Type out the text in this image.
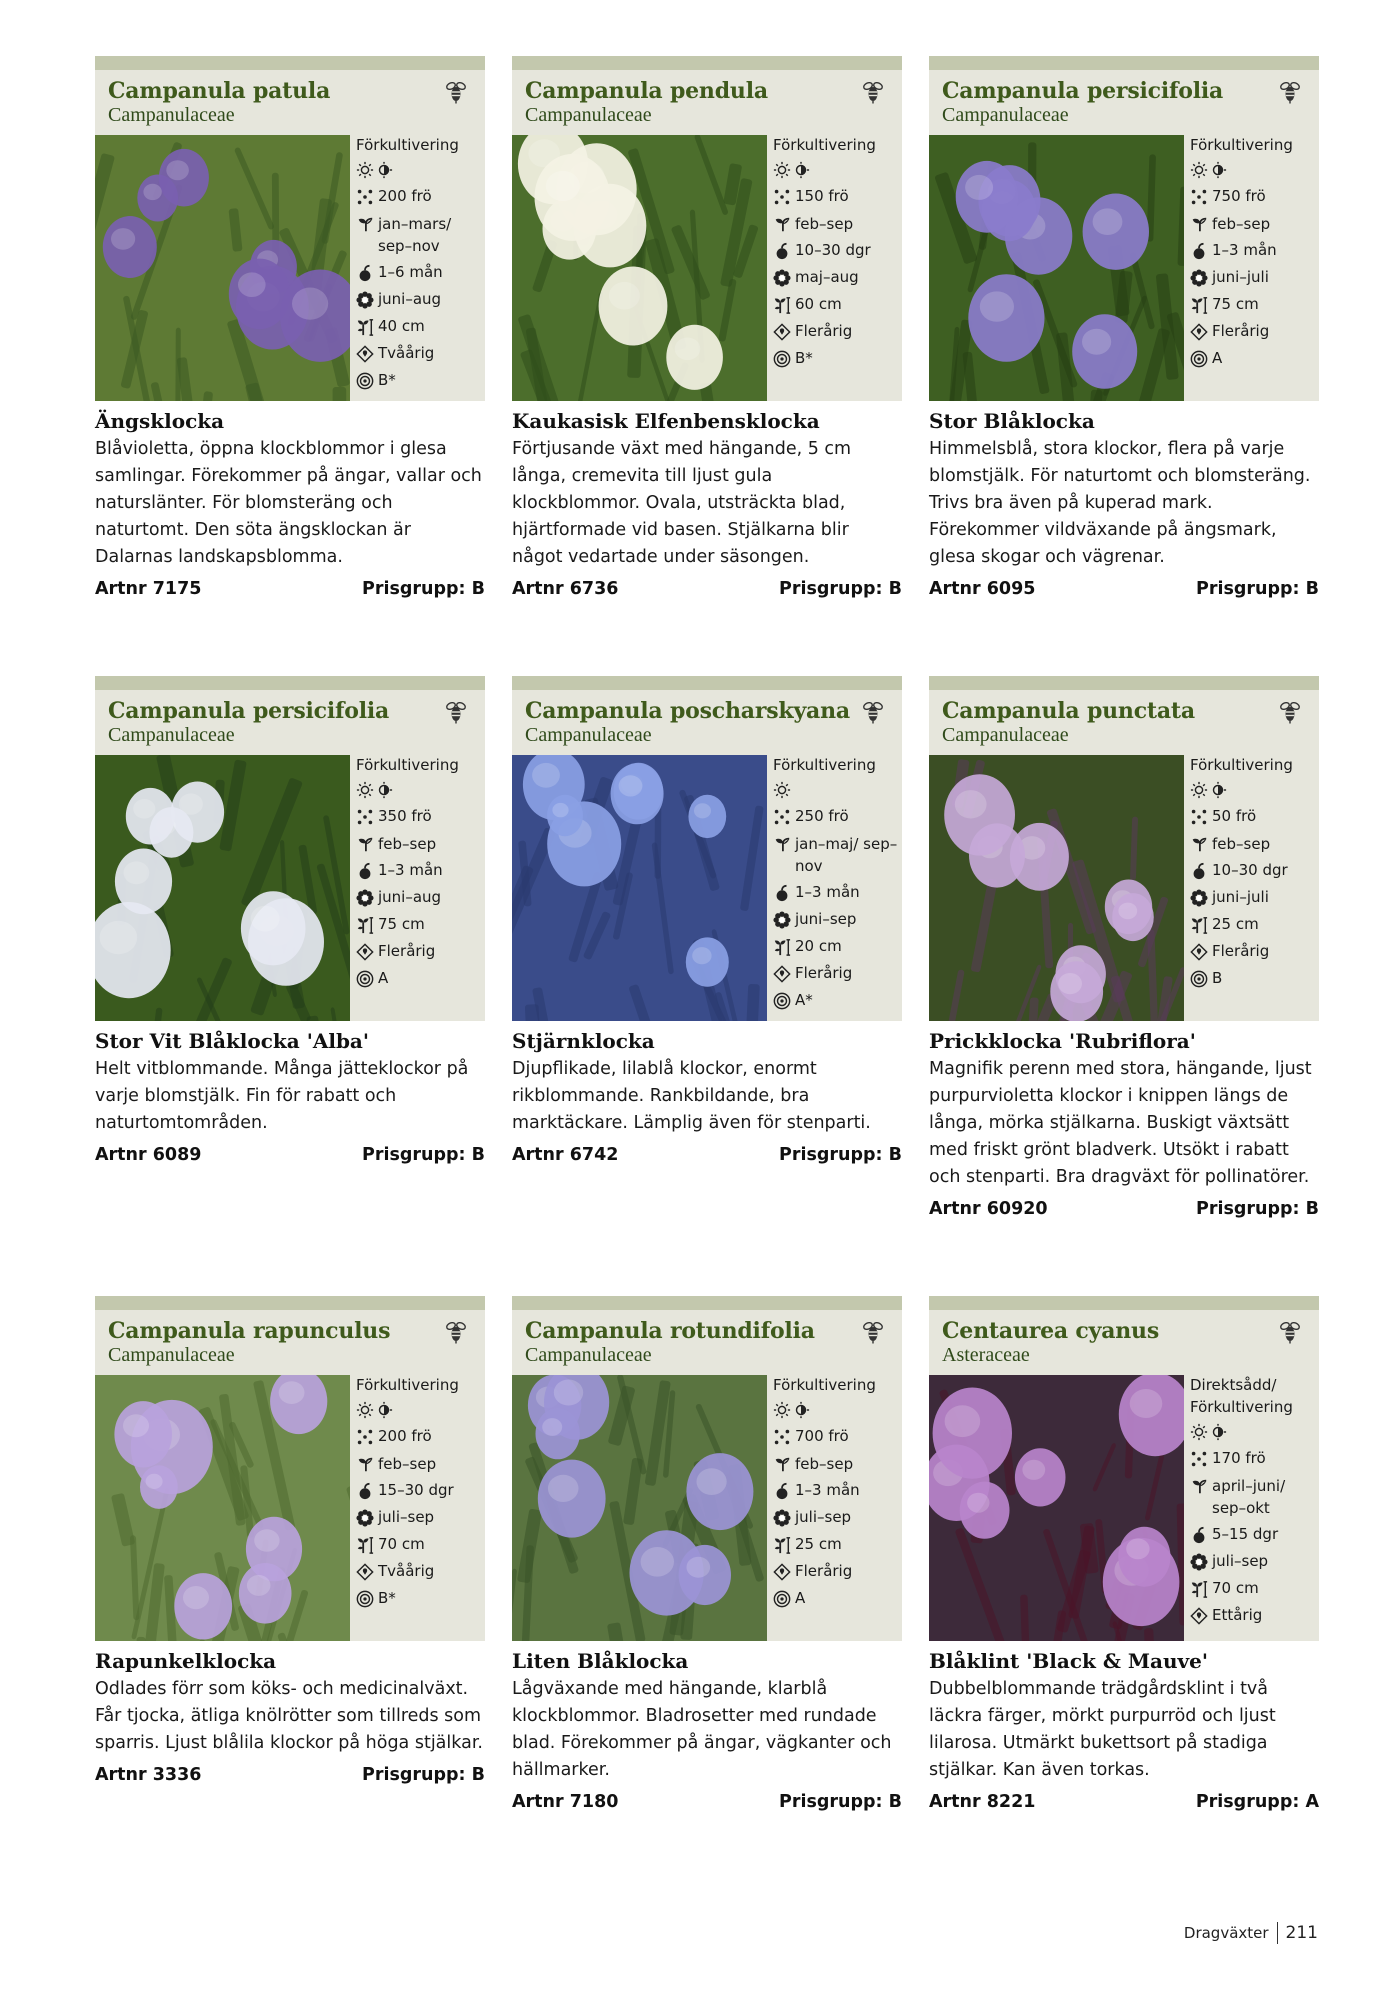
Campanula patula
Campanulaceae
Förkultivering
200 frö
jan–mars/ sep–nov
1–6 mån
juni–aug
40 cm
Tvåårig
B*
Ängsklocka
Blåvioletta, öppna klockblommor i glesa samlingar. Förekommer på ängar, vallar och naturslänter. För blomsteräng och naturtomt. Den söta ängsklockan är Dalarnas landskapsblomma.
Artnr 7175	Prisgrupp: B
Campanula pendula
Campanulaceae
Förkultivering
150 frö
feb–sep
10–30 dgr
maj–aug
60 cm
Flerårig
B*
Kaukasisk Elfenbensklocka
Förtjusande växt med hängande, 5 cm långa, cremevita till ljust gula klockblommor. Ovala, utsträckta blad, hjärtformade vid basen. Stjälkarna blir något vedartade under säsongen.
Artnr 6736	Prisgrupp: B
Campanula persicifolia
Campanulaceae
Förkultivering
750 frö
feb–sep
1–3 mån
juni–juli
75 cm
Flerårig
A
Stor Blåklocka
Himmelsblå, stora klockor, flera på varje blomstjälk. För naturtomt och blomsteräng. Trivs bra även på kuperad mark. Förekommer vildväxande på ängsmark, glesa skogar och vägrenar.
Artnr 6095	Prisgrupp: B
Campanula persicifolia
Campanulaceae
Förkultivering
350 frö
feb–sep
1–3 mån
juni–aug
75 cm
Flerårig
A
Stor Vit Blåklocka 'Alba'
Helt vitblommande. Många jätteklockor på varje blomstjälk. Fin för rabatt och naturtomtområden.
Artnr 6089	Prisgrupp: B
Campanula poscharskyana
Campanulaceae
Förkultivering
250 frö
jan–maj/ sep–nov
1–3 mån
juni–sep
20 cm
Flerårig
A*
Stjärnklocka
Djupflikade, lilablå klockor, enormt rikblommande. Rankbildande, bra marktäckare. Lämplig även för stenparti.
Artnr 6742	Prisgrupp: B
Campanula punctata
Campanulaceae
Förkultivering
50 frö
feb–sep
10–30 dgr
juni–juli
25 cm
Flerårig
B
Prickklocka 'Rubriflora'
Magnifik perenn med stora, hängande, ljust purpurvioletta klockor i knippen längs de långa, mörka stjälkarna. Buskigt växtsätt med friskt grönt bladverk. Utsökt i rabatt och stenparti. Bra dragväxt för pollinatörer.
Artnr 60920	Prisgrupp: B
Campanula rapunculus
Campanulaceae
Förkultivering
200 frö
feb–sep
15–30 dgr
juli–sep
70 cm
Tvåårig
B*
Rapunkelklocka
Odlades förr som köks- och medicinalväxt. Får tjocka, ätliga knölrötter som tillreds som sparris. Ljust blålila klockor på höga stjälkar.
Artnr 3336	Prisgrupp: B
Campanula rotundifolia
Campanulaceae
Förkultivering
700 frö
feb–sep
1–3 mån
juli–sep
25 cm
Flerårig
A
Liten Blåklocka
Lågväxande med hängande, klarblå klockblommor. Bladrosetter med rundade blad. Förekommer på ängar, vägkanter och hällmarker.
Artnr 7180	Prisgrupp: B
Centaurea cyanus
Asteraceae
Direktsådd/ Förkultivering
170 frö
april–juni/ sep–okt
5–15 dgr
juli–sep
70 cm
Ettårig
Blåklint 'Black & Mauve'
Dubbelblommande trädgårdsklint i två läckra färger, mörkt purpurröd och ljust lilarosa. Utmärkt bukettsort på stadiga stjälkar. Kan även torkas.
Artnr 8221	Prisgrupp: A
Dragväxter 211
